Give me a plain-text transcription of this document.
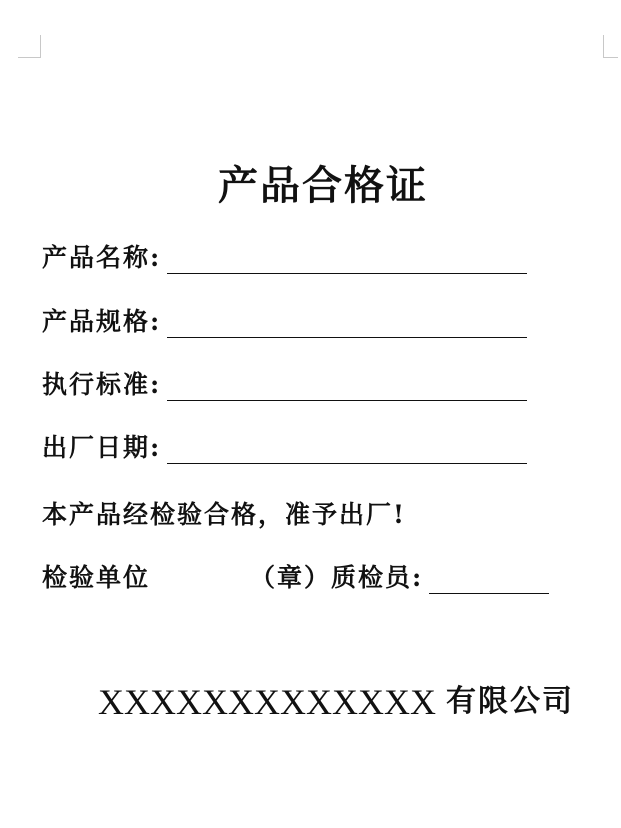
产品合格证
产品名称:
产品规格:
执行标准:
出厂日期:
本产品经检验合格，准予出厂!
检验单位	（章）质检员:
XXXXXXXXXXXXX 有限公司
